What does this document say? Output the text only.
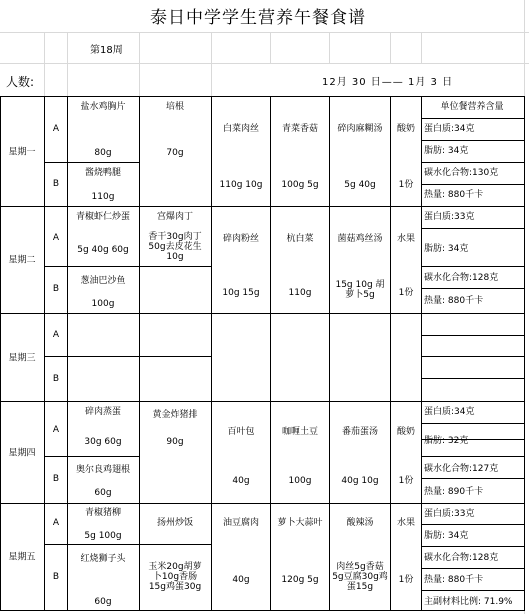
泰日中学学生营养午餐食谱
第18周
人数:	12月 30 日—— 1月 3 日
单位餐营养含量
星期一
A
B
盐水鸡胸片
80g
培根
70g
酱烧鸭腿
110g
白菜肉丝
110g 10g
青菜香菇
100g 5g
碎肉麻糊汤
5g 40g
酸奶
1份
蛋白质:34克
脂肪: 34克
碳水化合物:130克
热量: 880千卡
星期二
A
B
青椒虾仁炒蛋
5g 40g 60g
宫爆肉丁
香干30g肉丁50g去皮花生10g
葱油巴沙鱼
100g
碎肉粉丝
10g 15g
杭白菜
110g
菌菇鸡丝汤
15g 10g 胡萝卜5g
水果
1份
蛋白质:33克
脂肪: 34克
碳水化合物:128克
热量: 880千卡
星期三
A
B
星期四
A
B
碎肉蒸蛋
30g 60g
黄金炸猪排
90g
奥尔良鸡翅根
60g
百叶包
40g
咖喱土豆
100g
番茄蛋汤
40g 10g
酸奶
1份
蛋白质:34克
脂肪: 32克
碳水化合物:127克
热量: 890千卡
星期五
A
B
青椒猪柳
5g 100g
扬州炒饭
红烧狮子头
60g
玉米20g胡萝卜10g香肠15g鸡蛋30g
油豆腐肉
40g
萝卜大蒜叶
120g 5g
酸辣汤
肉丝5g香菇5g豆腐30g鸡蛋15g
水果
1份
蛋白质:33克
脂肪: 34克
碳水化合物:128克
热量: 880千卡
主副材料比例: 71.9%
